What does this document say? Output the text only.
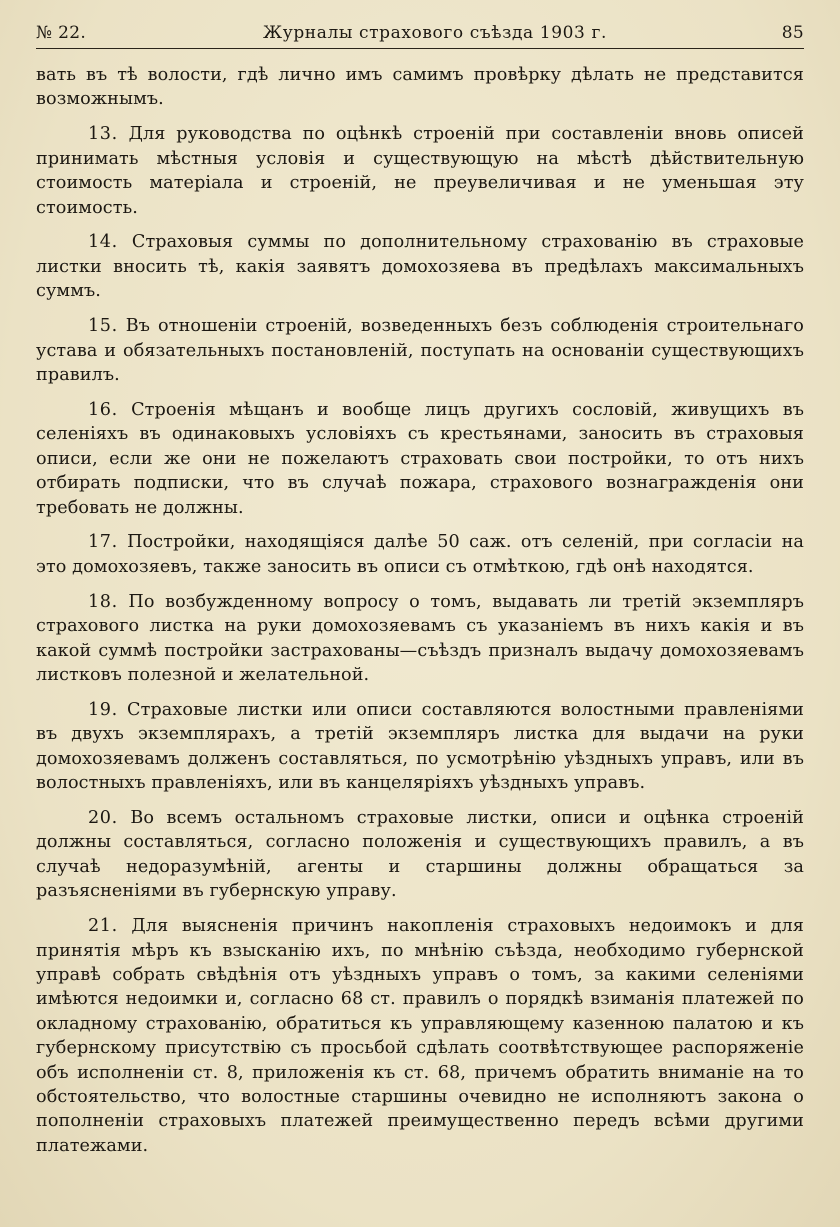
№ 22.	Журналы страхового съѣзда 1903 г.	85

вать въ тѣ волости, гдѣ лично имъ самимъ провѣрку дѣлать не представится возможнымъ.

13. Для руководства по оцѣнкѣ строеній при составленіи вновь описей принимать мѣстныя условія и существующую на мѣстѣ дѣйствительную стоимость матеріала и строеній, не преувеличивая и не уменьшая эту стоимость.

14. Страховыя суммы по дополнительному страхованію въ страховые листки вносить тѣ, какія заявятъ домохозяева въ предѣлахъ максимальныхъ суммъ.

15. Въ отношеніи строеній, возведенныхъ безъ соблюденія строительнаго устава и обязательныхъ постановленій, поступать на основаніи существующихъ правилъ.

16. Строенія мѣщанъ и вообще лицъ другихъ сословій, живущихъ въ селеніяхъ въ одинаковыхъ условіяхъ съ крестьянами, заносить въ страховыя описи, если же они не пожелаютъ страховать свои постройки, то отъ нихъ отбирать подписки, что въ случаѣ пожара, страхового вознагражденія они требовать не должны.

17. Постройки, находящіяся далѣе 50 саж. отъ селеній, при согласіи на это домохозяевъ, также заносить въ описи съ отмѣткою, гдѣ онѣ находятся.

18. По возбужденному вопросу о томъ, выдавать ли третій экземпляръ страхового листка на руки домохозяевамъ съ указаніемъ въ нихъ какія и въ какой суммѣ постройки застрахованы—съѣздъ призналъ выдачу домохозяевамъ листковъ полезной и желательной.

19. Страховые листки или описи составляются волостными правленіями въ двухъ экземплярахъ, а третій экземпляръ листка для выдачи на руки домохозяевамъ долженъ составляться, по усмотрѣнію уѣздныхъ управъ, или въ волостныхъ правленіяхъ, или въ канцеляріяхъ уѣздныхъ управъ.

20. Во всемъ остальномъ страховые листки, описи и оцѣнка строеній должны составляться, согласно положенія и существующихъ правилъ, а въ случаѣ недоразумѣній, агенты и старшины должны обращаться за разъясненіями въ губернскую управу.

21. Для выясненія причинъ накопленія страховыхъ недоимокъ и для принятія мѣръ къ взысканію ихъ, по мнѣнію съѣзда, необходимо губернской управѣ собрать свѣдѣнія отъ уѣздныхъ управъ о томъ, за какими селеніями имѣются недоимки и, согласно 68 ст. правилъ о порядкѣ взиманія платежей по окладному страхованію, обратиться къ управляющему казенною палатою и къ губернскому присутствію съ просьбой сдѣлать соотвѣтствующее распоряженіе объ исполненіи ст. 8, приложенія къ ст. 68, причемъ обратить вниманіе на то обстоятельство, что волостные старшины очевидно не исполняютъ закона о пополненіи страховыхъ платежей преимущественно передъ всѣми другими платежами.
